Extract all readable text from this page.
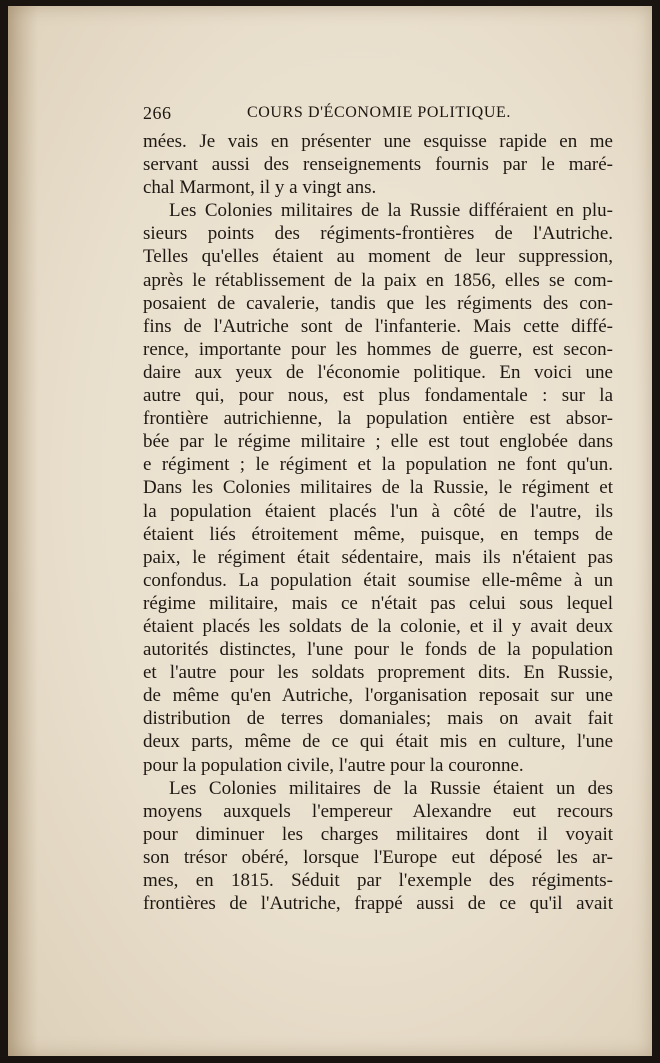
266	COURS D'ÉCONOMIE POLITIQUE.
mées. Je vais en présenter une esquisse rapide en me
servant aussi des renseignements fournis par le maré-
chal Marmont, il y a vingt ans.
Les Colonies militaires de la Russie différaient en plu-
sieurs points des régiments-frontières de l'Autriche.
Telles qu'elles étaient au moment de leur suppression,
après le rétablissement de la paix en 1856, elles se com-
posaient de cavalerie, tandis que les régiments des con-
fins de l'Autriche sont de l'infanterie. Mais cette diffé-
rence, importante pour les hommes de guerre, est secon-
daire aux yeux de l'économie politique. En voici une
autre qui, pour nous, est plus fondamentale : sur la
frontière autrichienne, la population entière est absor-
bée par le régime militaire ; elle est tout englobée dans
e régiment ; le régiment et la population ne font qu'un.
Dans les Colonies militaires de la Russie, le régiment et
la population étaient placés l'un à côté de l'autre, ils
étaient liés étroitement même, puisque, en temps de
paix, le régiment était sédentaire, mais ils n'étaient pas
confondus. La population était soumise elle-même à un
régime militaire, mais ce n'était pas celui sous lequel
étaient placés les soldats de la colonie, et il y avait deux
autorités distinctes, l'une pour le fonds de la population
et l'autre pour les soldats proprement dits. En Russie,
de même qu'en Autriche, l'organisation reposait sur une
distribution de terres domaniales; mais on avait fait
deux parts, même de ce qui était mis en culture, l'une
pour la population civile, l'autre pour la couronne.
Les Colonies militaires de la Russie étaient un des
moyens auxquels l'empereur Alexandre eut recours
pour diminuer les charges militaires dont il voyait
son trésor obéré, lorsque l'Europe eut déposé les ar-
mes, en 1815. Séduit par l'exemple des régiments-
frontières de l'Autriche, frappé aussi de ce qu'il avait
